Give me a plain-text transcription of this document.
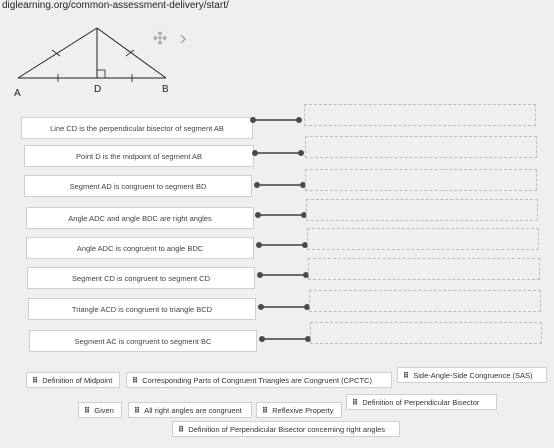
diglearning.org/common-assessment-delivery/start/
A	D	B
Line CD is the perpendicular bisector of segment AB
Point D is the midpoint of segment AB
Segment AD is congruent to segment BD
Angle ADC and angle BDC are right angles
Angle ADC is congruent to angle BDC
Segment CD is congruent to segment CD
Triangle ACD is congruent to triangle BCD
Segment AC is congruent to segment BC
⠿ Definition of Midpoint ⠿ Corresponding Parts of Congruent Triangles are Congruent (CPCTC)
⠿ Side-Angle-Side Congruence (SAS)
⠿ Given	⠿ All right angles are congruent	⠿ Reflexive Property
⠿ Definition of Perpendicular Bisector
⠿ Definition of Perpendicular Bisector concerning right angles
